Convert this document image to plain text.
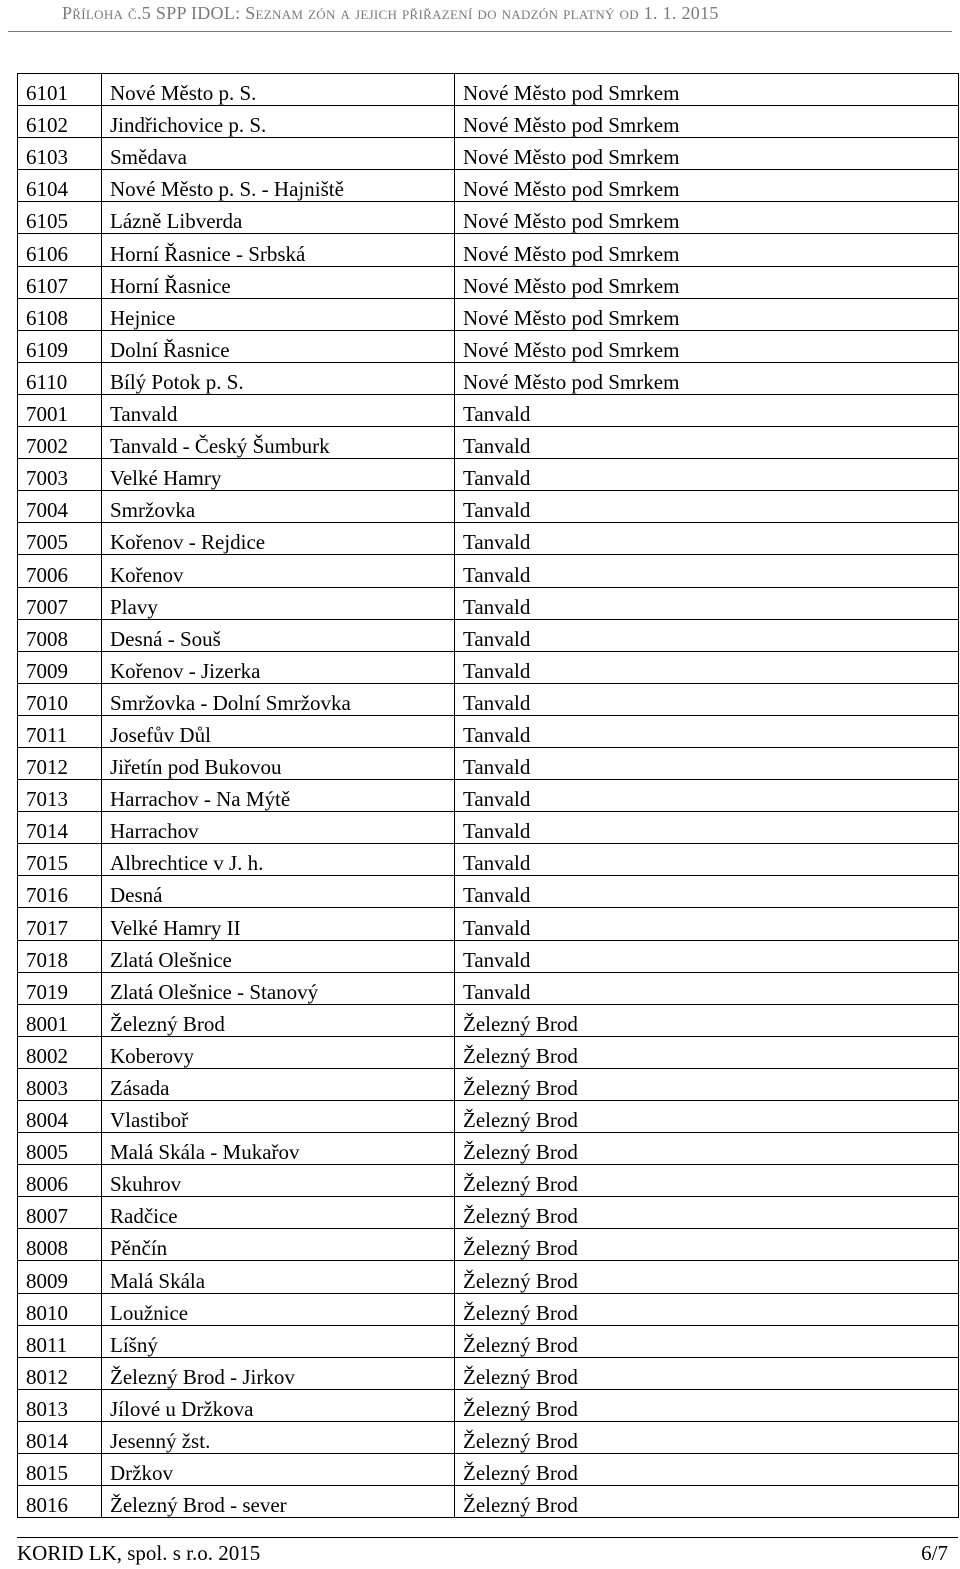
Příloha č.5 SPP IDOL: Seznam zón a jejich přiřazení do nadzón platný od 1. 1. 2015
6101	Nové Město p. S.	Nové Město pod Smrkem
6102	Jindřichovice p. S.	Nové Město pod Smrkem
6103	Smědava	Nové Město pod Smrkem
6104	Nové Město p. S. - Hajniště	Nové Město pod Smrkem
6105	Lázně Libverda	Nové Město pod Smrkem
6106	Horní Řasnice - Srbská	Nové Město pod Smrkem
6107	Horní Řasnice	Nové Město pod Smrkem
6108	Hejnice	Nové Město pod Smrkem
6109	Dolní Řasnice	Nové Město pod Smrkem
6110	Bílý Potok p. S.	Nové Město pod Smrkem
7001	Tanvald	Tanvald
7002	Tanvald - Český Šumburk	Tanvald
7003	Velké Hamry	Tanvald
7004	Smržovka	Tanvald
7005	Kořenov - Rejdice	Tanvald
7006	Kořenov	Tanvald
7007	Plavy	Tanvald
7008	Desná - Souš	Tanvald
7009	Kořenov - Jizerka	Tanvald
7010	Smržovka - Dolní Smržovka	Tanvald
7011	Josefův Důl	Tanvald
7012	Jiřetín pod Bukovou	Tanvald
7013	Harrachov - Na Mýtě	Tanvald
7014	Harrachov	Tanvald
7015	Albrechtice v J. h.	Tanvald
7016	Desná	Tanvald
7017	Velké Hamry II	Tanvald
7018	Zlatá Olešnice	Tanvald
7019	Zlatá Olešnice - Stanový	Tanvald
8001	Železný Brod	Železný Brod
8002	Koberovy	Železný Brod
8003	Zásada	Železný Brod
8004	Vlastiboř	Železný Brod
8005	Malá Skála - Mukařov	Železný Brod
8006	Skuhrov	Železný Brod
8007	Radčice	Železný Brod
8008	Pěnčín	Železný Brod
8009	Malá Skála	Železný Brod
8010	Loužnice	Železný Brod
8011	Líšný	Železný Brod
8012	Železný Brod - Jirkov	Železný Brod
8013	Jílové u Držkova	Železný Brod
8014	Jesenný žst.	Železný Brod
8015	Držkov	Železný Brod
8016	Železný Brod - sever	Železný Brod
KORID LK, spol. s r.o. 2015	6/7
